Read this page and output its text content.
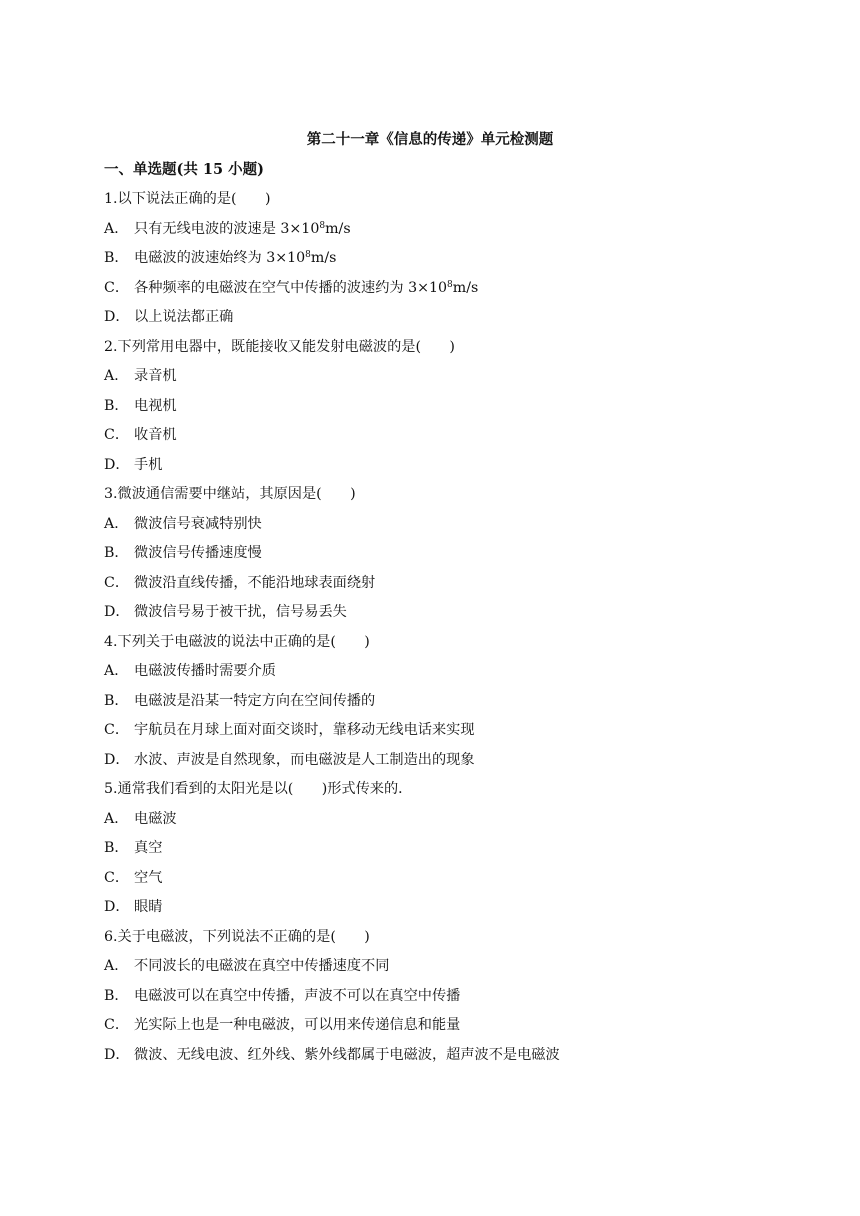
第二十一章《信息的传递》单元检测题
一、单选题(共 15 小题)
1.以下说法正确的是(　　)
A． 只有无线电波的波速是 $3\times 10^8m/s$
B． 电磁波的波速始终为 $3\times 10^8m/s$
C． 各种频率的电磁波在空气中传播的波速约为 $3\times 10^8m/s$
D． 以上说法都正确
2.下列常用电器中，既能接收又能发射电磁波的是(　　)
A． 录音机
B． 电视机
C． 收音机
D． 手机
3.微波通信需要中继站，其原因是(　　)
A． 微波信号衰减特别快
B． 微波信号传播速度慢
C． 微波沿直线传播，不能沿地球表面绕射
D． 微波信号易于被干扰，信号易丢失
4.下列关于电磁波的说法中正确的是(　　)
A． 电磁波传播时需要介质
B． 电磁波是沿某一特定方向在空间传播的
C． 宇航员在月球上面对面交谈时，靠移动无线电话来实现
D． 水波、声波是自然现象，而电磁波是人工制造出的现象
5.通常我们看到的太阳光是以(　　)形式传来的．
A． 电磁波
B． 真空
C． 空气
D． 眼睛
6.关于电磁波，下列说法不正确的是(　　)
A． 不同波长的电磁波在真空中传播速度不同
B． 电磁波可以在真空中传播，声波不可以在真空中传播
C． 光实际上也是一种电磁波，可以用来传递信息和能量
D． 微波、无线电波、红外线、紫外线都属于电磁波，超声波不是电磁波
